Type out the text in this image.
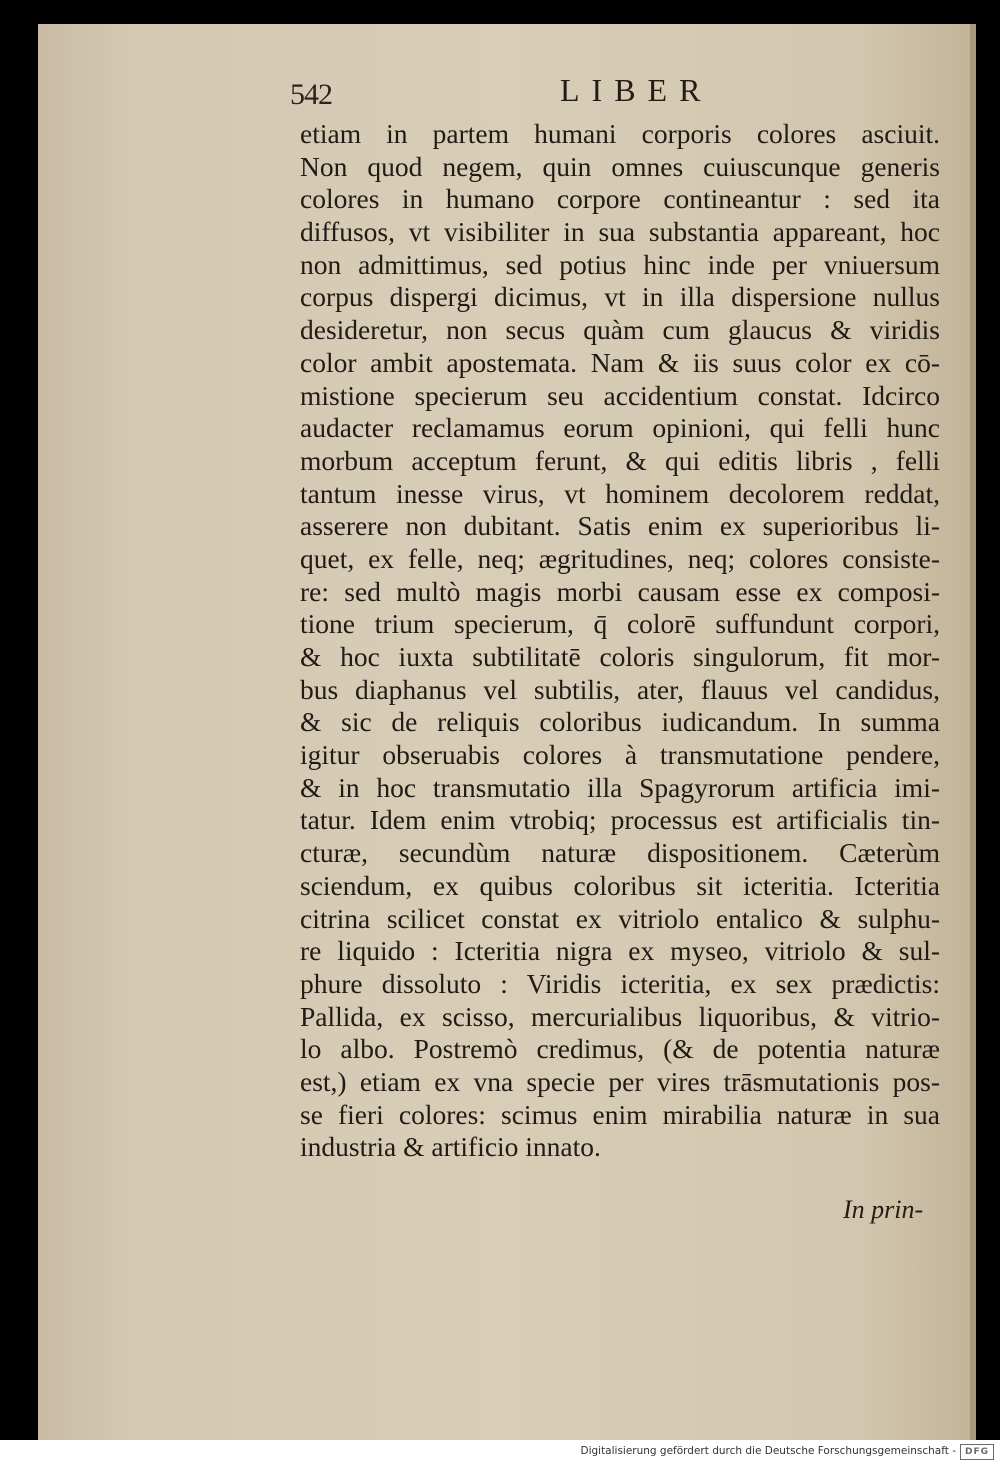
542	LIBER
etiam in partem humani corporis colores asciuit.
Non quod negem, quin omnes cuiuscunque generis
colores in humano corpore contineantur : sed ita
diffusos, vt visibiliter in sua substantia appareant, hoc
non admittimus, sed potius hinc inde per vniuersum
corpus dispergi dicimus, vt in illa dispersione nullus
desideretur, non secus quàm cum glaucus & viridis
color ambit apostemata. Nam & iis suus color ex cō-
mistione specierum seu accidentium constat. Idcirco
audacter reclamamus eorum opinioni, qui felli hunc
morbum acceptum ferunt, & qui editis libris , felli
tantum inesse virus, vt hominem decolorem reddat,
asserere non dubitant. Satis enim ex superioribus li-
quet, ex felle, neq; ægritudines, neq; colores consiste-
re: sed multò magis morbi causam esse ex composi-
tione trium specierum, q̄ colorē suffundunt corpori,
& hoc iuxta subtilitatē coloris singulorum, fit mor-
bus diaphanus vel subtilis, ater, flauus vel candidus,
& sic de reliquis coloribus iudicandum. In summa
igitur obseruabis colores à transmutatione pendere,
& in hoc transmutatio illa Spagyrorum artificia imi-
tatur. Idem enim vtrobiq; processus est artificialis tin-
cturæ, secundùm naturæ dispositionem. Cæterùm
sciendum, ex quibus coloribus sit icteritia. Icteritia
citrina scilicet constat ex vitriolo entalico & sulphu-
re liquido : Icteritia nigra ex myseo, vitriolo & sul-
phure dissoluto : Viridis icteritia, ex sex prædictis:
Pallida, ex scisso, mercurialibus liquoribus, & vitrio-
lo albo. Postremò credimus, (& de potentia naturæ
est,) etiam ex vna specie per vires trāsmutationis pos-
se fieri colores: scimus enim mirabilia naturæ in sua
industria & artificio innato.
In prin-
Digitalisierung gefördert durch die Deutsche Forschungsgemeinschaft - DFG
